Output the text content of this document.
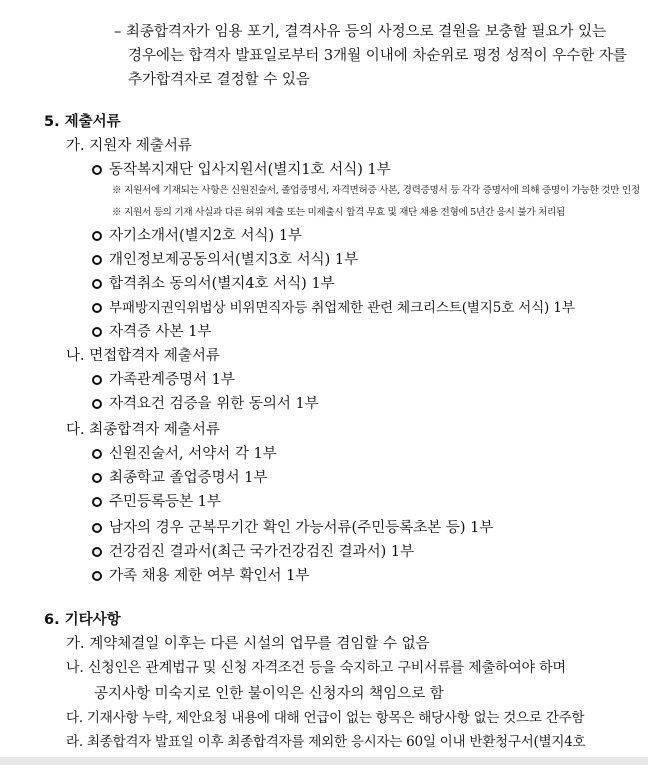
– 최종합격자가 임용 포기, 결격사유 등의 사정으로 결원을 보충할 필요가 있는
경우에는 합격자 발표일로부터 3개월 이내에 차순위로 평정 성적이 우수한 자를
추가합격자로 결정할 수 있음
5. 제출서류
가. 지원자 제출서류
동작복지재단 입사지원서(별지1호 서식) 1부
※ 지원서에 기재되는 사항은 신원진술서, 졸업증명서, 자격면허증 사본, 경력증명서 등 각각 증명서에 의해 증명이 가능한 것만 인정
※ 지원서 등의 기재 사실과 다른 허위 제출 또는 미제출시 합격 무효 및 재단 채용 전형에 5년간 응시 불가 처리됨
자기소개서(별지2호 서식) 1부
개인정보제공동의서(별지3호 서식) 1부
합격취소 동의서(별지4호 서식) 1부
부패방지권익위법상 비위면직자등 취업제한 관련 체크리스트(별지5호 서식) 1부
자격증 사본 1부
나. 면접합격자 제출서류
가족관계증명서 1부
자격요건 검증을 위한 동의서 1부
다. 최종합격자 제출서류
신원진술서, 서약서 각 1부
최종학교 졸업증명서 1부
주민등록등본 1부
남자의 경우 군복무기간 확인 가능서류(주민등록초본 등) 1부
건강검진 결과서(최근 국가건강검진 결과서) 1부
가족 채용 제한 여부 확인서 1부
6. 기타사항
가. 계약체결일 이후는 다른 시설의 업무를 겸임할 수 없음
나. 신청인은 관계법규 및 신청 자격조건 등을 숙지하고 구비서류를 제출하여야 하며
공지사항 미숙지로 인한 불이익은 신청자의 책임으로 함
다. 기재사항 누락, 제안요청 내용에 대해 언급이 없는 항목은 해당사항 없는 것으로 간주함
라. 최종합격자 발표일 이후 최종합격자를 제외한 응시자는 60일 이내 반환청구서(별지4호
